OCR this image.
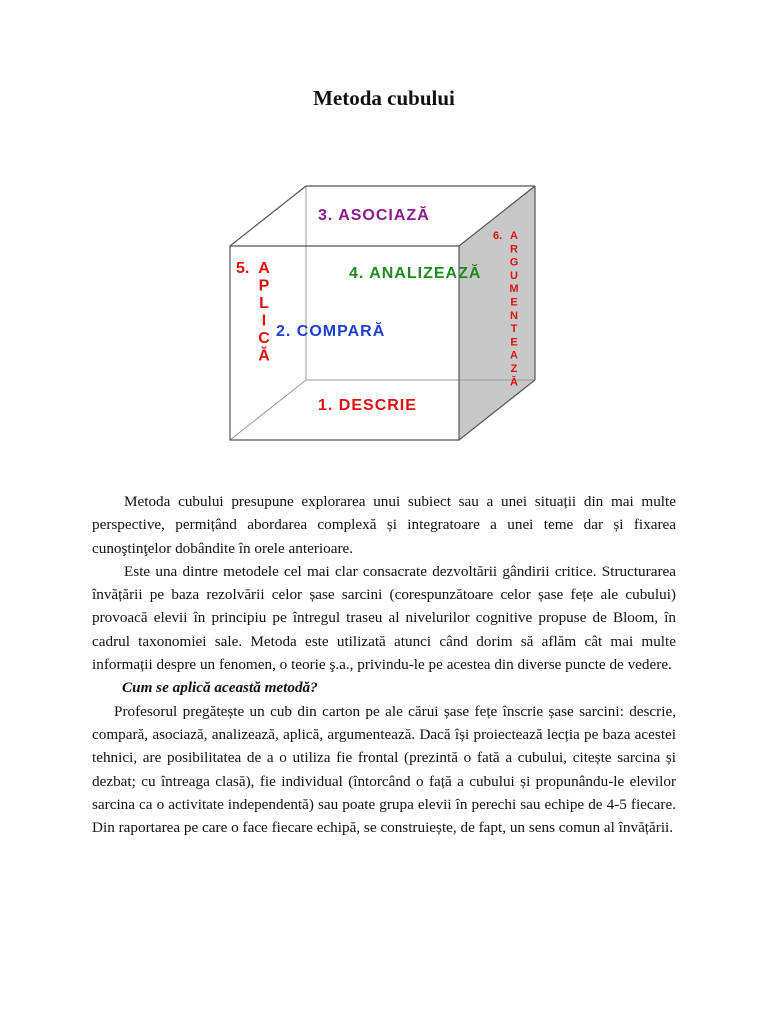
Metoda cubului
3. ASOCIAZĂ
4. ANALIZEAZĂ
2. COMPARĂ
1. DESCRIE
5. A
P
L
I
C
Ă
6. A
R
G
U
M
E
N
T
E
A
Z
Ă

Metoda cubului presupune explorarea unui subiect sau a unei situații din mai multe perspective, permițând abordarea complexă și integratoare a unei teme dar și fixarea cunoştinţelor dobândite în orele anterioare.

Este una dintre metodele cel mai clar consacrate dezvoltării gândirii critice. Structurarea învățării pe baza rezolvării celor șase sarcini (corespunzătoare celor șase fețe ale cubului) provoacă elevii în principiu pe întregul traseu al nivelurilor cognitive propuse de Bloom, în cadrul taxonomiei sale. Metoda este utilizată atunci când dorim să aflăm cât mai multe informații despre un fenomen, o teorie ş.a., privindu-le pe acestea din diverse puncte de vedere.

Cum se aplică această metodă?

Profesorul pregătește un cub din carton pe ale cărui șase fețe înscrie șase sarcini: descrie, compară, asociază, analizează, aplică, argumentează. Dacă își proiectează lecția pe baza acestei tehnici, are posibilitatea de a o utiliza fie frontal (prezintă o fată a cubului, citește sarcina și dezbat; cu întreaga clasă), fie individual (întorcând o față a cubului și propunându-le elevilor sarcina ca o activitate independentă) sau poate grupa elevii în perechi sau echipe de 4-5 fiecare. Din raportarea pe care o face fiecare echipă, se construiește, de fapt, un sens comun al învățării.
